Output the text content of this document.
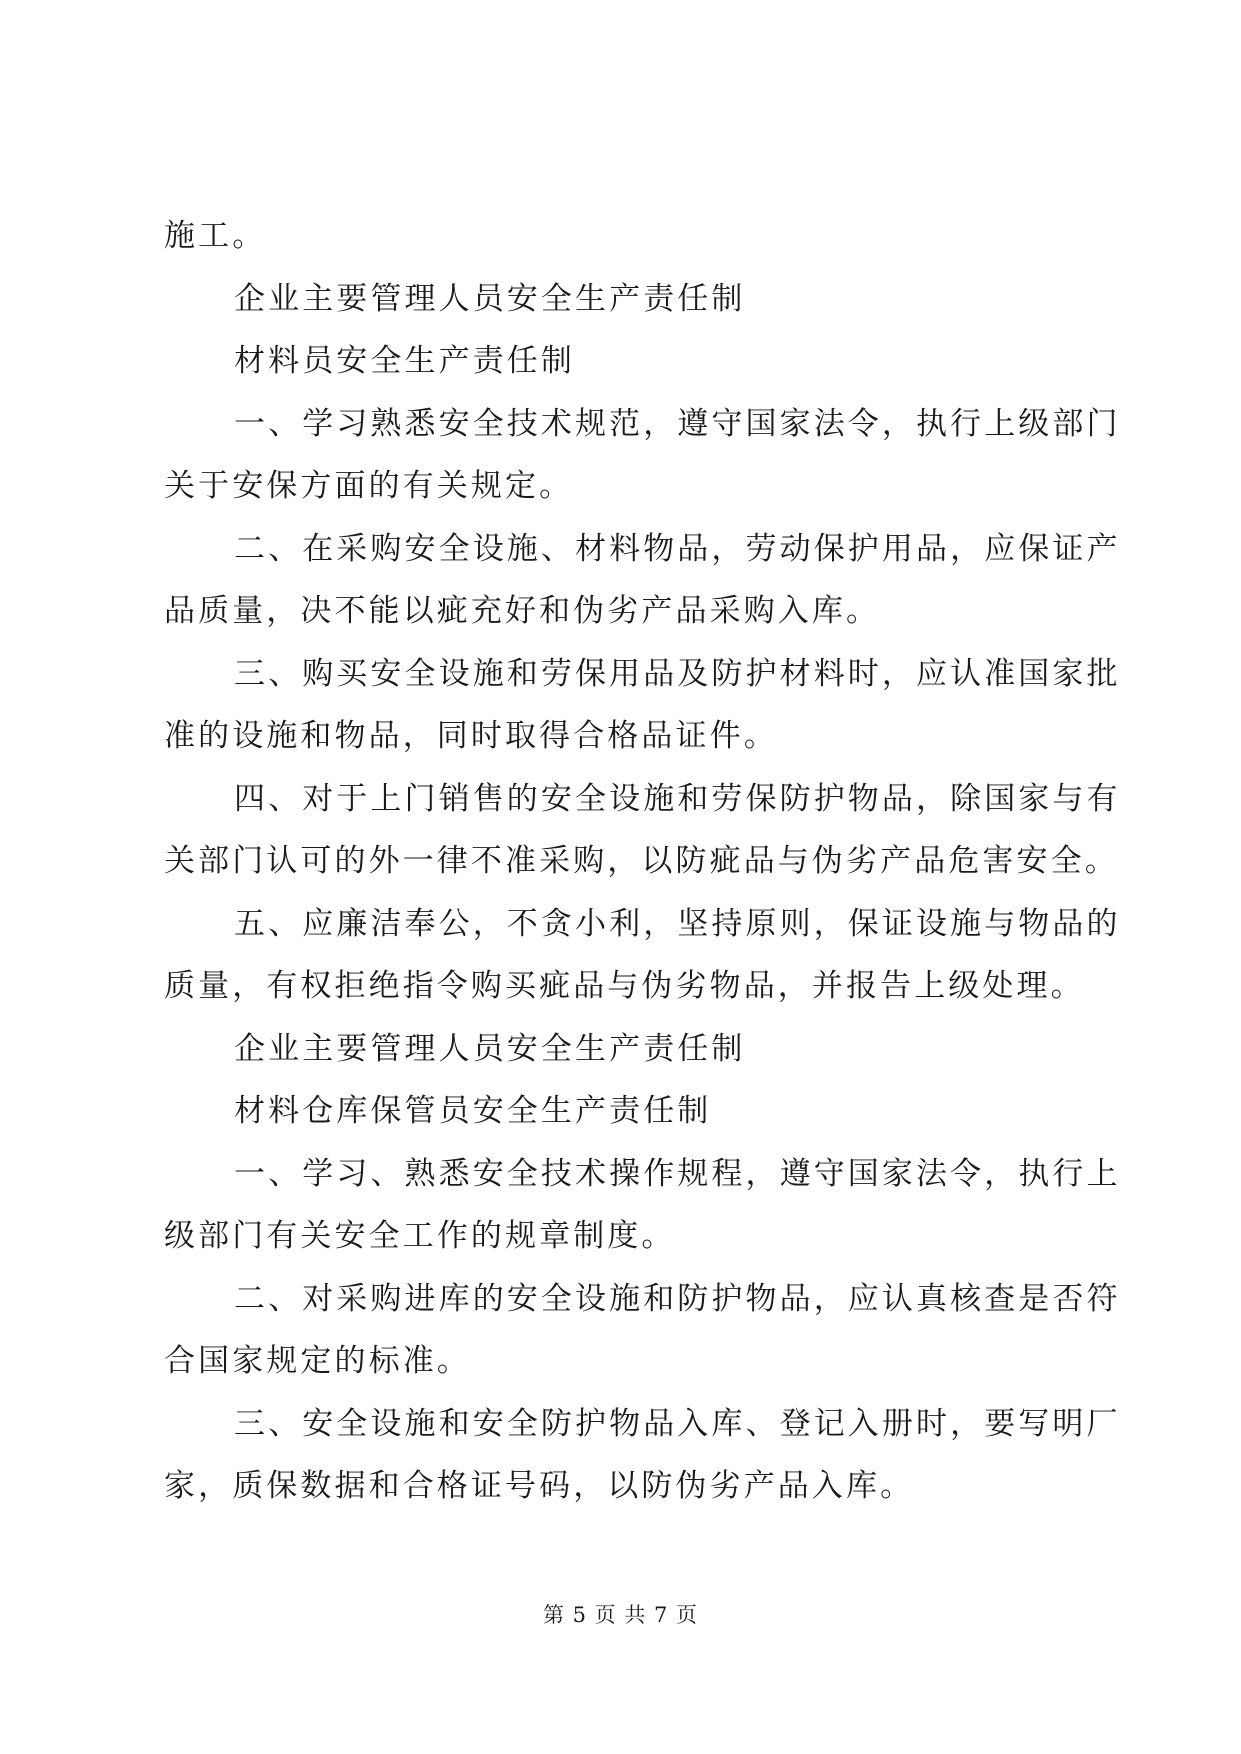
施工。
企业主要管理人员安全生产责任制
材料员安全生产责任制
一、学习熟悉安全技术规范，遵守国家法令，执行上级部门
关于安保方面的有关规定。
二、在采购安全设施、材料物品，劳动保护用品，应保证产
品质量，决不能以疵充好和伪劣产品采购入库。
三、购买安全设施和劳保用品及防护材料时，应认准国家批
准的设施和物品，同时取得合格品证件。
四、对于上门销售的安全设施和劳保防护物品，除国家与有
关部门认可的外一律不准采购，以防疵品与伪劣产品危害安全。
五、应廉洁奉公，不贪小利，坚持原则，保证设施与物品的
质量，有权拒绝指令购买疵品与伪劣物品，并报告上级处理。
企业主要管理人员安全生产责任制
材料仓库保管员安全生产责任制
一、学习、熟悉安全技术操作规程，遵守国家法令，执行上
级部门有关安全工作的规章制度。
二、对采购进库的安全设施和防护物品，应认真核查是否符
合国家规定的标准。
三、安全设施和安全防护物品入库、登记入册时，要写明厂
家，质保数据和合格证号码，以防伪劣产品入库。
第 5 页 共 7 页
